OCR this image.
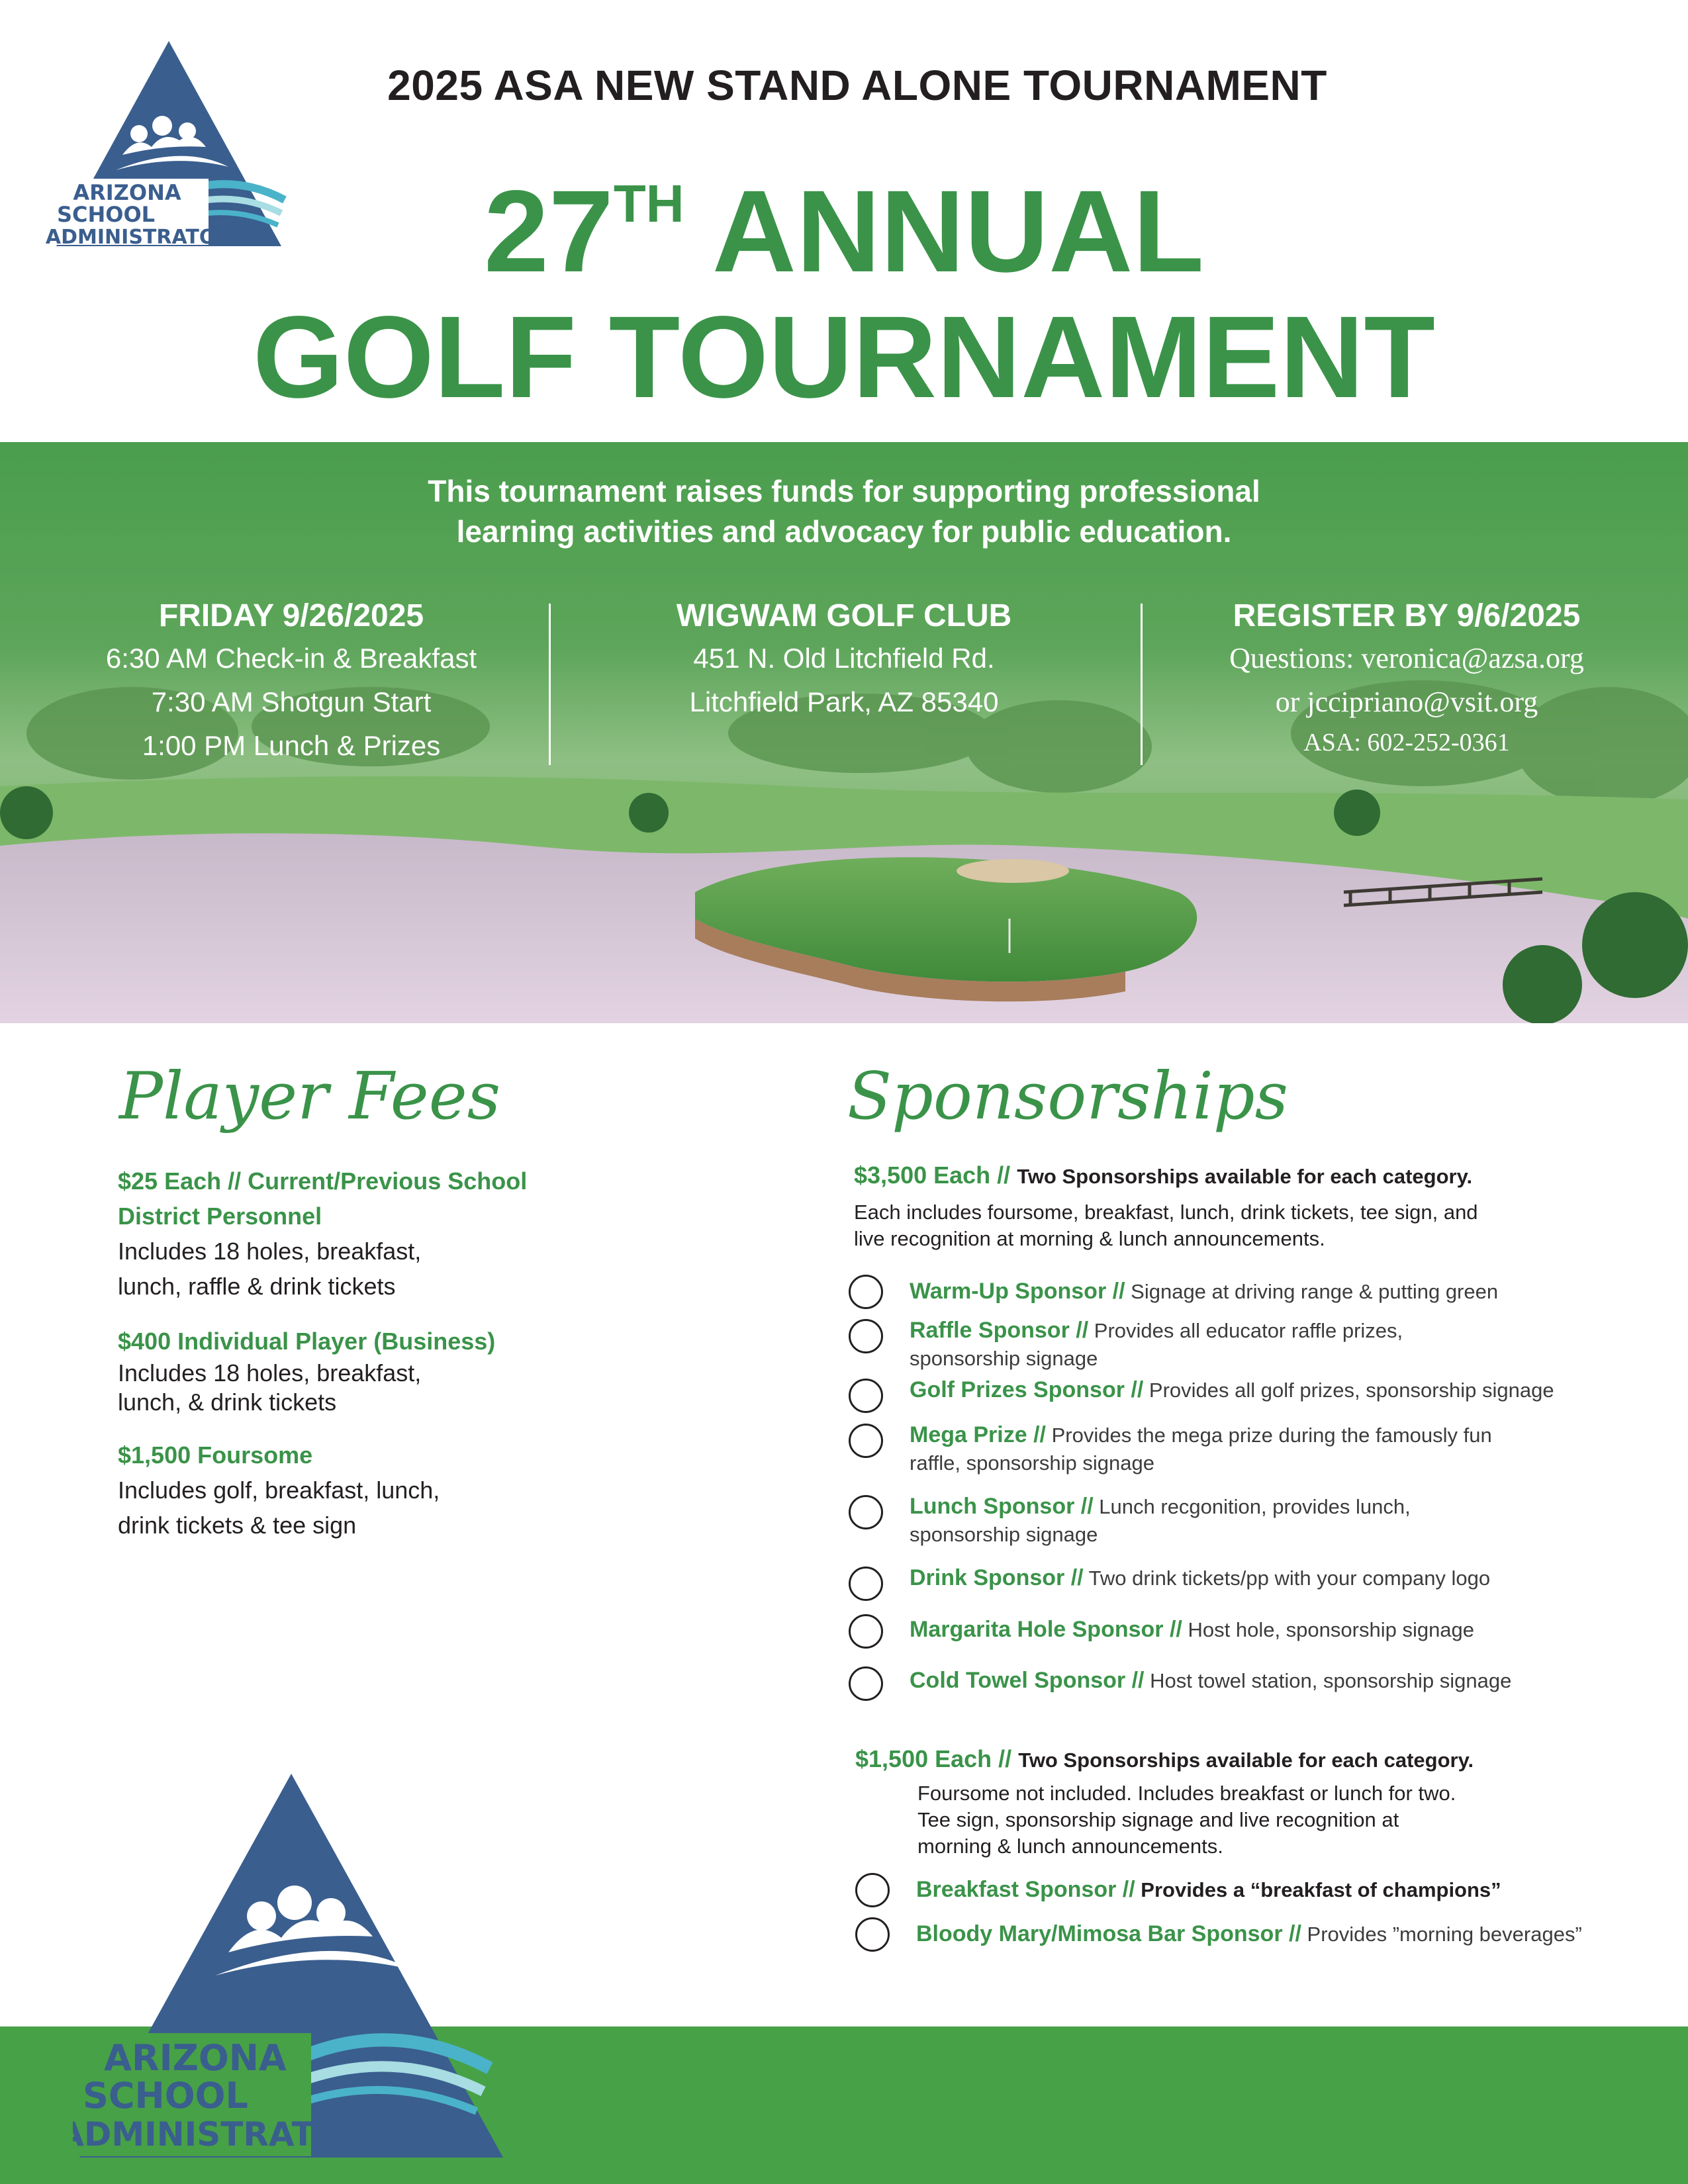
ARIZONA
SCHOOL
ADMINISTRATORS
2025 ASA NEW STAND ALONE TOURNAMENT
27TH ANNUAL
GOLF TOURNAMENT
This tournament raises funds for supporting professional
learning activities and advocacy for public education.
FRIDAY 9/26/2025
6:30 AM Check-in & Breakfast
7:30 AM Shotgun Start
1:00 PM Lunch & Prizes
WIGWAM GOLF CLUB
451 N. Old Litchfield Rd.
Litchfield Park, AZ 85340
REGISTER BY 9/6/2025
Questions: veronica@azsa.org
or jccipriano@vsit.org
ASA: 602-252-0361
Player Fees
$25 Each // Current/Previous School
District Personnel
Includes 18 holes, breakfast,
lunch, raffle & drink tickets
$400 Individual Player (Business)
Includes 18 holes, breakfast,
lunch, & drink tickets
$1,500 Foursome
Includes golf, breakfast, lunch,
drink tickets & tee sign
Sponsorships
$3,500 Each // Two Sponsorships available for each category.
Each includes foursome, breakfast, lunch, drink tickets, tee sign, and
live recognition at morning & lunch announcements.
Warm-Up Sponsor // Signage at driving range & putting green
Raffle Sponsor // Provides all educator raffle prizes,
sponsorship signage
Golf Prizes Sponsor // Provides all golf prizes, sponsorship signage
Mega Prize // Provides the mega prize during the famously fun
raffle, sponsorship signage
Lunch Sponsor // Lunch recgonition, provides lunch,
sponsorship signage
Drink Sponsor // Two drink tickets/pp with your company logo
Margarita Hole Sponsor // Host hole, sponsorship signage
Cold Towel Sponsor // Host towel station, sponsorship signage
$1,500 Each // Two Sponsorships available for each category.
Foursome not included. Includes breakfast or lunch for two.
Tee sign, sponsorship signage and live recognition at
morning & lunch announcements.
Breakfast Sponsor // Provides a “breakfast of champions”
Bloody Mary/Mimosa Bar Sponsor // Provides ”morning beverages”
ARIZONA
SCHOOL
ADMINISTRATORS
